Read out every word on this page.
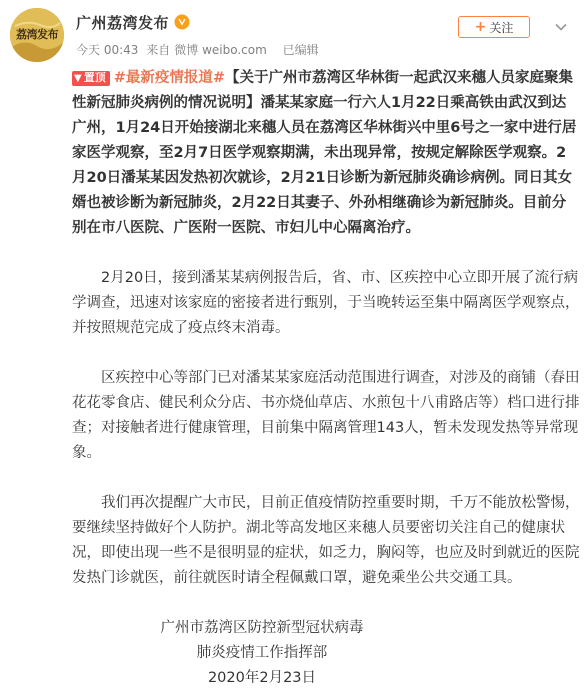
荔湾发布
广州荔湾发布
今天 00:43 来自 微博 weibo.com 已编辑
+ 关注

▼ 置顶 #最新疫情报道#【关于广州市荔湾区华林街一起武汉来穗人员家庭聚集性新冠肺炎病例的情况说明】潘某某家庭一行六人1月22日乘高铁由武汉到达广州，1月24日开始接湖北来穗人员在荔湾区华林街兴中里6号之一家中进行居家医学观察，至2月7日医学观察期满，未出现异常，按规定解除医学观察。2月20日潘某某因发热初次就诊，2月21日诊断为新冠肺炎确诊病例。同日其女婿也被诊断为新冠肺炎，2月22日其妻子、外孙相继确诊为新冠肺炎。目前分别在市八医院、广医附一医院、市妇儿中心隔离治疗。

2月20日，接到潘某某病例报告后，省、市、区疾控中心立即开展了流行病学调查，迅速对该家庭的密接者进行甄别，于当晚转运至集中隔离医学观察点，并按照规范完成了疫点终末消毒。

区疾控中心等部门已对潘某某家庭活动范围进行调查，对涉及的商铺（春田花花零食店、健民利众分店、书亦烧仙草店、水煎包十八甫路店等）档口进行排查；对接触者进行健康管理，目前集中隔离管理143人，暂未发现发热等异常现象。

我们再次提醒广大市民，目前正值疫情防控重要时期，千万不能放松警惕，要继续坚持做好个人防护。湖北等高发地区来穗人员要密切关注自己的健康状况，即使出现一些不是很明显的症状，如乏力，胸闷等，也应及时到就近的医院发热门诊就医，前往就医时请全程佩戴口罩，避免乘坐公共交通工具。

广州市荔湾区防控新型冠状病毒
肺炎疫情工作指挥部
2020年2月23日
